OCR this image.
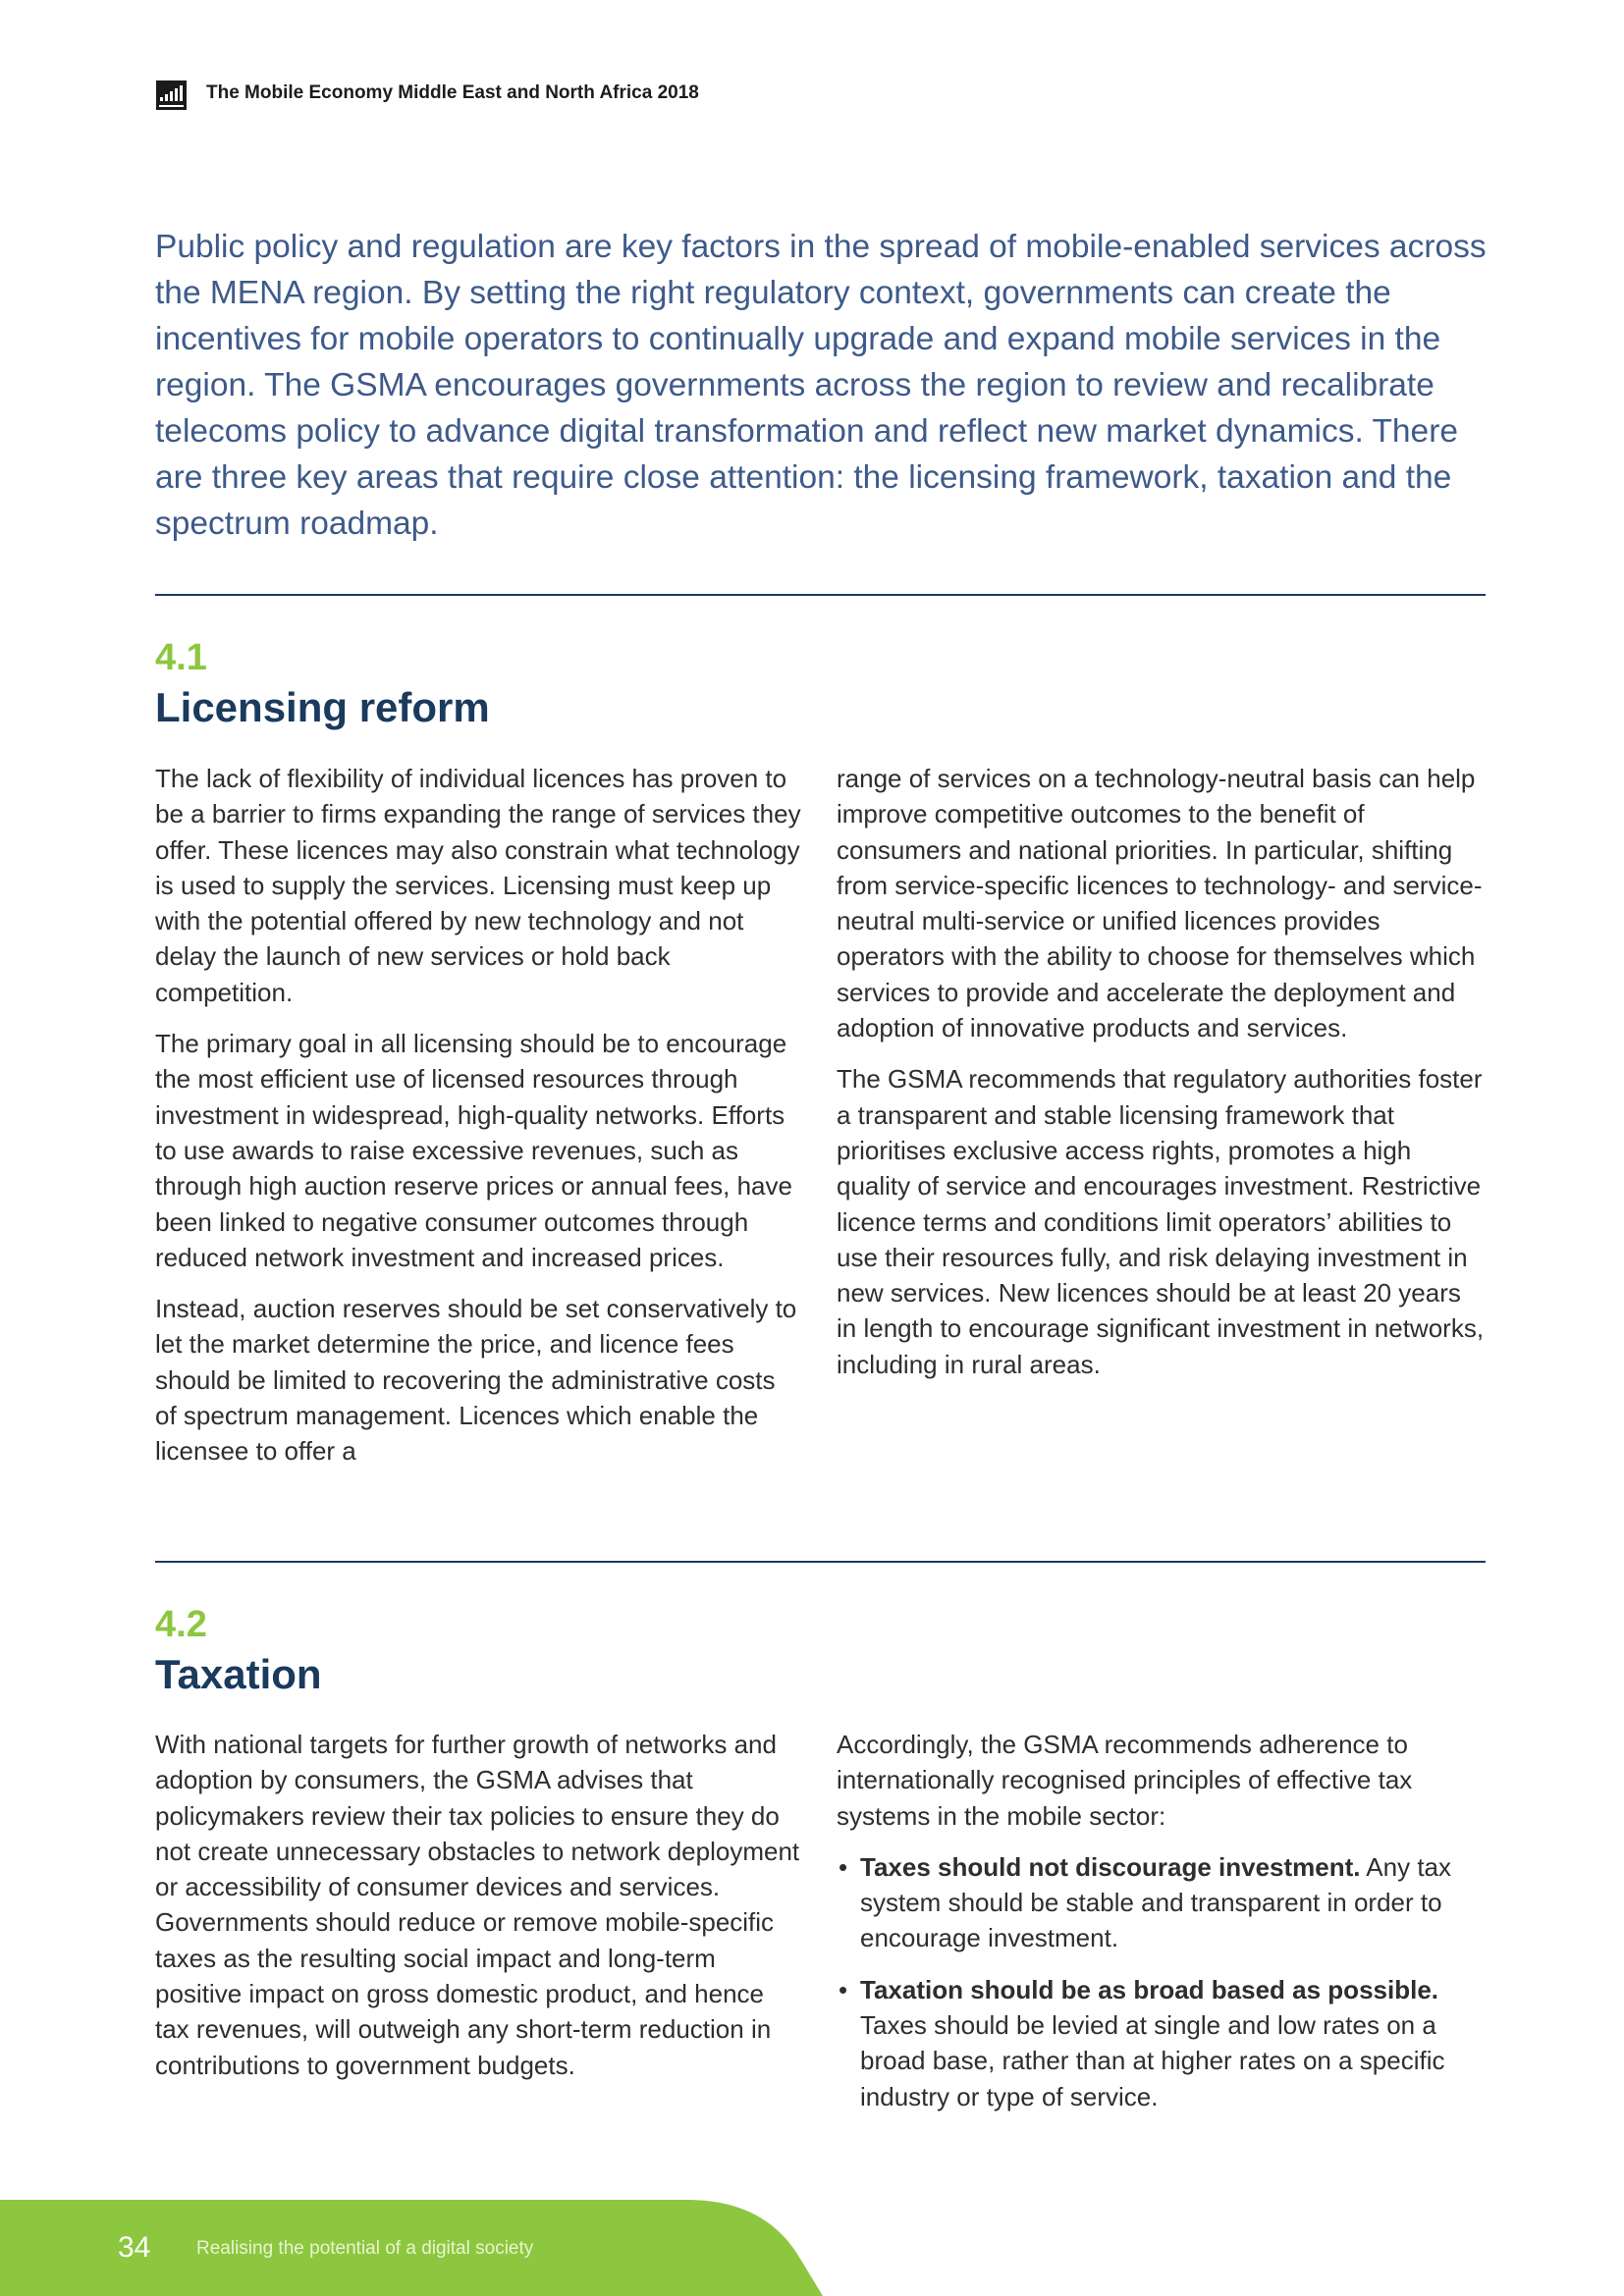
The Mobile Economy Middle East and North Africa 2018

Public policy and regulation are key factors in the spread of mobile-enabled services across the MENA region. By setting the right regulatory context, governments can create the incentives for mobile operators to continually upgrade and expand mobile services in the region. The GSMA encourages governments across the region to review and recalibrate telecoms policy to advance digital transformation and reflect new market dynamics. There are three key areas that require close attention: the licensing framework, taxation and the spectrum roadmap.

4.1
Licensing reform

The lack of flexibility of individual licences has proven to be a barrier to firms expanding the range of services they offer. These licences may also constrain what technology is used to supply the services. Licensing must keep up with the potential offered by new technology and not delay the launch of new services or hold back competition.

The primary goal in all licensing should be to encourage the most efficient use of licensed resources through investment in widespread, high-quality networks. Efforts to use awards to raise excessive revenues, such as through high auction reserve prices or annual fees, have been linked to negative consumer outcomes through reduced network investment and increased prices.

Instead, auction reserves should be set conservatively to let the market determine the price, and licence fees should be limited to recovering the administrative costs of spectrum management. Licences which enable the licensee to offer a

range of services on a technology-neutral basis can help improve competitive outcomes to the benefit of consumers and national priorities. In particular, shifting from service-specific licences to technology- and service-neutral multi-service or unified licences provides operators with the ability to choose for themselves which services to provide and accelerate the deployment and adoption of innovative products and services.

The GSMA recommends that regulatory authorities foster a transparent and stable licensing framework that prioritises exclusive access rights, promotes a high quality of service and encourages investment. Restrictive licence terms and conditions limit operators’ abilities to use their resources fully, and risk delaying investment in new services. New licences should be at least 20 years in length to encourage significant investment in networks, including in rural areas.

4.2
Taxation

With national targets for further growth of networks and adoption by consumers, the GSMA advises that policymakers review their tax policies to ensure they do not create unnecessary obstacles to network deployment or accessibility of consumer devices and services. Governments should reduce or remove mobile-specific taxes as the resulting social impact and long-term positive impact on gross domestic product, and hence tax revenues, will outweigh any short-term reduction in contributions to government budgets.

Accordingly, the GSMA recommends adherence to internationally recognised principles of effective tax systems in the mobile sector:

• Taxes should not discourage investment. Any tax system should be stable and transparent in order to encourage investment.
• Taxation should be as broad based as possible. Taxes should be levied at single and low rates on a broad base, rather than at higher rates on a specific industry or type of service.
34 Realising the potential of a digital society
